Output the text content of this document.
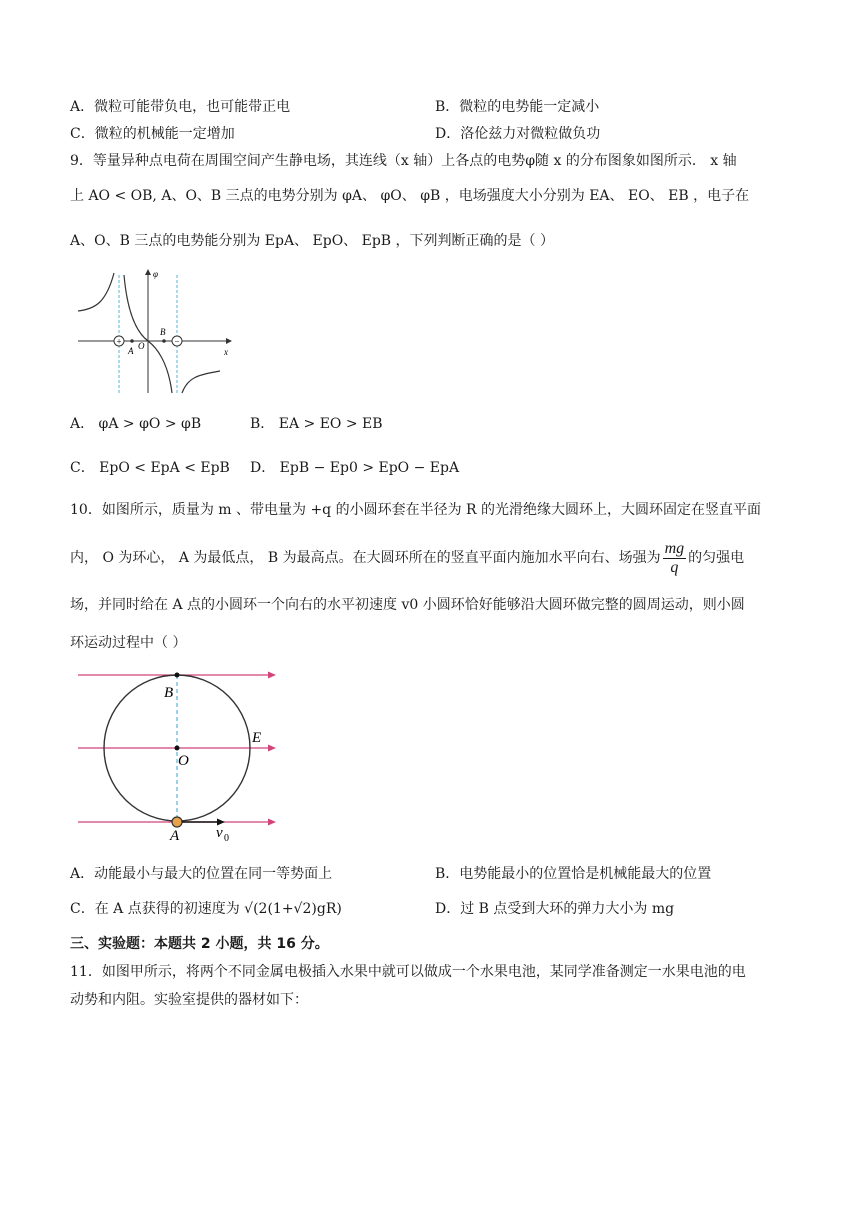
A．微粒可能带负电，也可能带正电	B．微粒的电势能一定减小
C．微粒的机械能一定增加	D．洛伦兹力对微粒做负功
9．等量异种点电荷在周围空间产生静电场，其连线（x 轴）上各点的电势φ随 x 的分布图象如图所示． x 轴
上 AO < OB, A、O、B 三点的电势分别为 φA、 φO、 φB ，电场强度大小分别为 EA、 EO、 EB ，电子在
A、O、B 三点的电势能分别为 EpA、 EpO、 EpB ，下列判断正确的是（ ）
φ
x
+	−
A O
B
A． φA > φO > φB	B． EA > EO > EB
C． EpO < EpA < EpB D． EpB − Ep0 > EpO − EpA
10．如图所示，质量为 m 、带电量为 +q 的小圆环套在半径为 R 的光滑绝缘大圆环上，大圆环固定在竖直平面
内， O 为环心， A 为最低点， B 为最高点。在大圆环所在的竖直平面内施加水平向右、场强为 $\frac{mg}{q}$ 的匀强电
场，并同时给在 A 点的小圆环一个向右的水平初速度 v0 小圆环恰好能够沿大圆环做完整的圆周运动，则小圆
环运动过程中（ ）
B
O
A
E
v 0
A．动能最小与最大的位置在同一等势面上	B．电势能最小的位置恰是机械能最大的位置
C．在 A 点获得的初速度为 √(2(1+√2)gR)	D．过 B 点受到大环的弹力大小为 mg
三、实验题：本题共 2 小题，共 16 分。
11．如图甲所示，将两个不同金属电极插入水果中就可以做成一个水果电池，某同学准备测定一水果电池的电
动势和内阻。实验室提供的器材如下：
